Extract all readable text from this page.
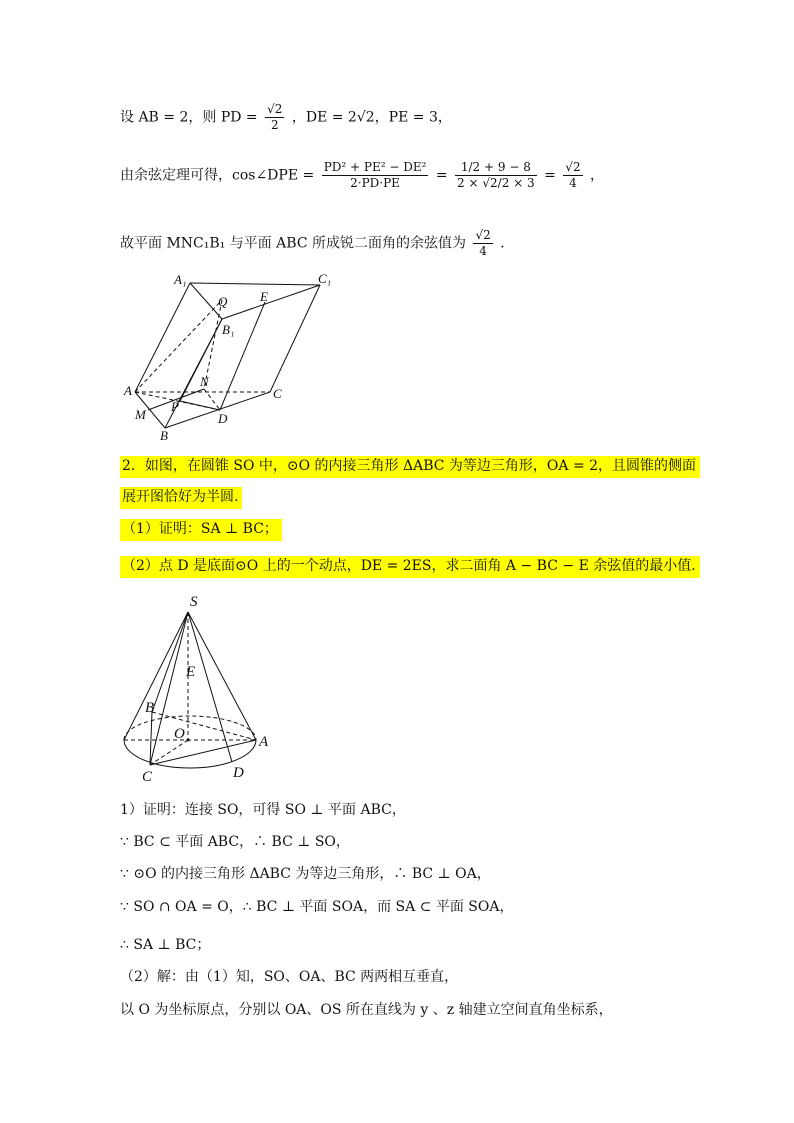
设 AB = 2，则 PD = $\frac{√2}{2}$ ，DE = 2√2，PE = 3，
由余弦定理可得，cos∠DPE = $\frac{\text{PD² + PE² − DE²}}{2\cdot PD\cdot PE} = \frac{1/2 + 9 - 8}{2 \times √2/2 \times 3} = \frac{√2}{4}$ ，
故平面 MNC₁B₁ 与平面 ABC 所成锐二面角的余弦值为 $\frac{√2}{4}$ .
A₁	C₁
Q	E
B₁
A
N
C
M
P
D
B
2．如图，在圆锥 SO 中，⊙O 的内接三角形 ΔABC 为等边三角形，OA = 2，且圆锥的侧面
展开图恰好为半圆.
（1）证明：SA ⊥ BC；
（2）点 D 是底面⊙O 上的一个动点，DE = 2ES，求二面角 A − BC − E 余弦值的最小值.
S
E
B
O	A
C	D
1）证明：连接 SO，可得 SO ⊥ 平面 ABC，
∵ BC ⊂ 平面 ABC，∴ BC ⊥ SO，
∵ ⊙O 的内接三角形 ΔABC 为等边三角形，∴ BC ⊥ OA，
∵ SO ∩ OA = O，∴ BC ⊥ 平面 SOA，而 SA ⊂ 平面 SOA，
∴ SA ⊥ BC；
（2）解：由（1）知，SO、OA、BC 两两相互垂直，
以 O 为坐标原点，分别以 OA、OS 所在直线为 y 、z 轴建立空间直角坐标系，
